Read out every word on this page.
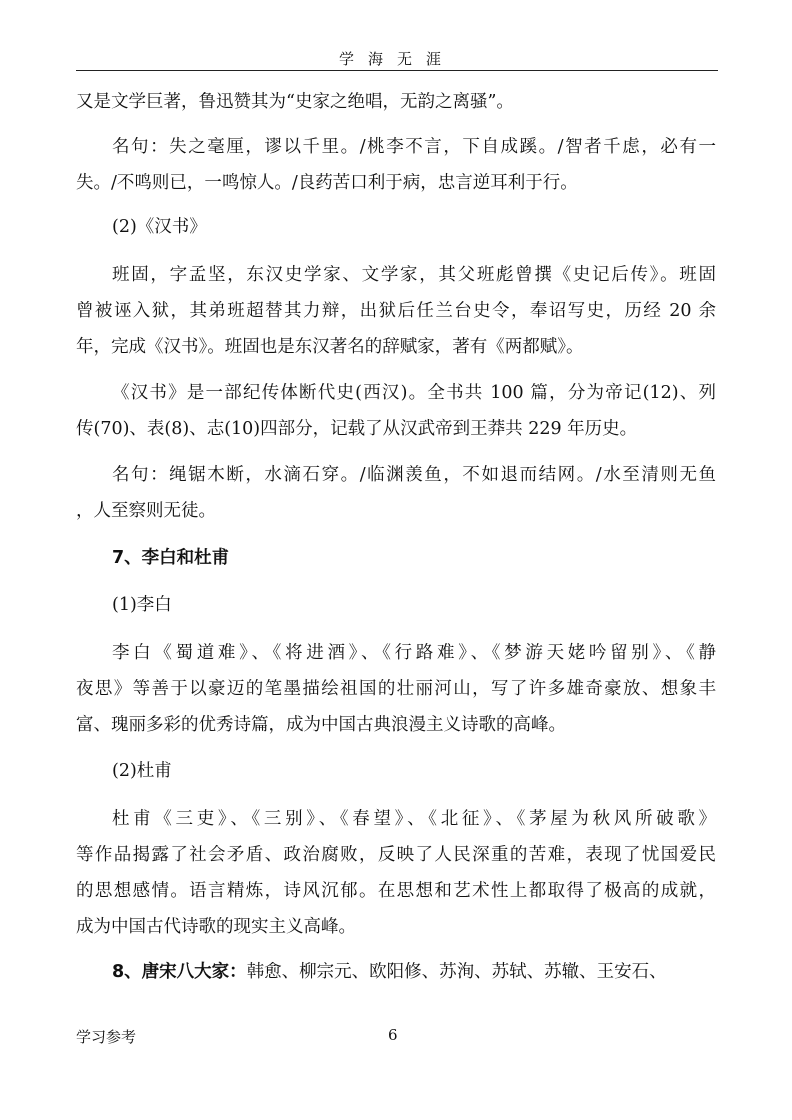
学海无涯
又是文学巨著，鲁迅赞其为“史家之绝唱，无韵之离骚”。
名句：失之毫厘，谬以千里。/桃李不言，下自成蹊。/智者千虑，必有一
失。/不鸣则已，一鸣惊人。/良药苦口利于病，忠言逆耳利于行。
(2)《汉书》
班固，字孟坚，东汉史学家、文学家，其父班彪曾撰《史记后传》。班固
曾被诬入狱，其弟班超替其力辩，出狱后任兰台史令，奉诏写史，历经 20 余
年，完成《汉书》。班固也是东汉著名的辞赋家，著有《两都赋》。
《汉书》是一部纪传体断代史(西汉)。全书共 100 篇，分为帝记(12)、列
传(70)、表(8)、志(10)四部分，记载了从汉武帝到王莽共 229 年历史。
名句：绳锯木断，水滴石穿。/临渊羡鱼，不如退而结网。/水至清则无鱼
，人至察则无徒。
7、李白和杜甫
(1)李白
李白《蜀道难》、《将进酒》、《行路难》、《梦游天姥吟留别》、《静
夜思》等善于以豪迈的笔墨描绘祖国的壮丽河山，写了许多雄奇豪放、想象丰
富、瑰丽多彩的优秀诗篇，成为中国古典浪漫主义诗歌的高峰。
(2)杜甫
杜甫《三吏》、《三别》、《春望》、《北征》、《茅屋为秋风所破歌》
等作品揭露了社会矛盾、政治腐败，反映了人民深重的苦难，表现了忧国爱民
的思想感情。语言精炼，诗风沉郁。在思想和艺术性上都取得了极高的成就，
成为中国古代诗歌的现实主义高峰。
8、唐宋八大家：韩愈、柳宗元、欧阳修、苏洵、苏轼、苏辙、王安石、
学习参考	6
